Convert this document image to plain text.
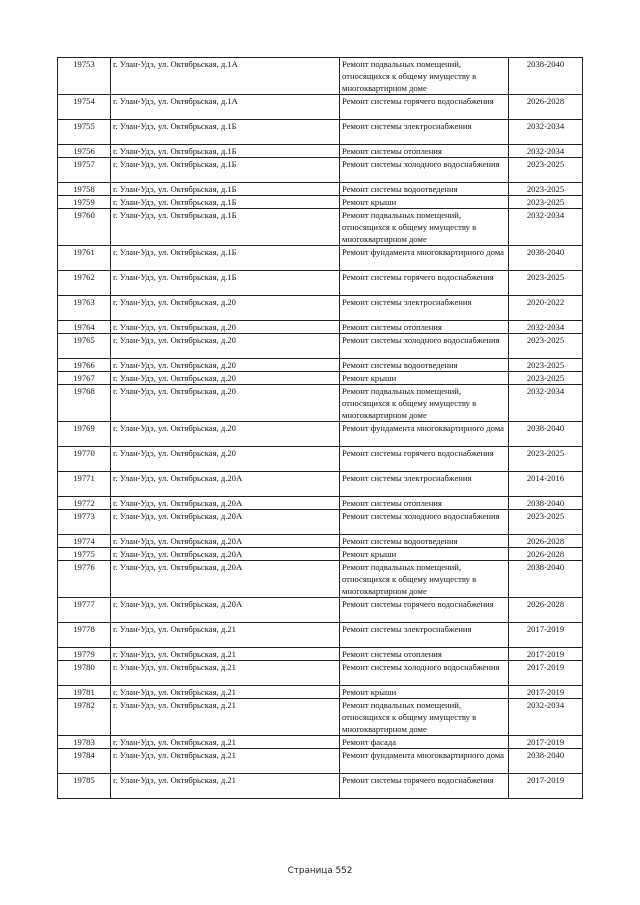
19753	г. Улан-Удэ, ул. Октябрьская, д.1А	Ремонт подвальных помещений, относящихся к общему имуществу в многоквартирном доме	2038-2040
19754	г. Улан-Удэ, ул. Октябрьская, д.1А	Ремонт системы горячего водоснабжения	2026-2028
19755	г. Улан-Удэ, ул. Октябрьская, д.1Б	Ремонт системы электроснабжения	2032-2034
19756	г. Улан-Удэ, ул. Октябрьская, д.1Б	Ремонт системы отопления	2032-2034
19757	г. Улан-Удэ, ул. Октябрьская, д.1Б	Ремонт системы холодного водоснабжения	2023-2025
19758	г. Улан-Удэ, ул. Октябрьская, д.1Б	Ремонт системы водоотведения	2023-2025
19759	г. Улан-Удэ, ул. Октябрьская, д.1Б	Ремонт крыши	2023-2025
19760	г. Улан-Удэ, ул. Октябрьская, д.1Б	Ремонт подвальных помещений, относящихся к общему имуществу в многоквартирном доме	2032-2034
19761	г. Улан-Удэ, ул. Октябрьская, д.1Б	Ремонт фундамента многоквартирного дома	2038-2040
19762	г. Улан-Удэ, ул. Октябрьская, д.1Б	Ремонт системы горячего водоснабжения	2023-2025
19763	г. Улан-Удэ, ул. Октябрьская, д.20	Ремонт системы электроснабжения	2020-2022
19764	г. Улан-Удэ, ул. Октябрьская, д.20	Ремонт системы отопления	2032-2034
19765	г. Улан-Удэ, ул. Октябрьская, д.20	Ремонт системы холодного водоснабжения	2023-2025
19766	г. Улан-Удэ, ул. Октябрьская, д.20	Ремонт системы водоотведения	2023-2025
19767	г. Улан-Удэ, ул. Октябрьская, д.20	Ремонт крыши	2023-2025
19768	г. Улан-Удэ, ул. Октябрьская, д.20	Ремонт подвальных помещений, относящихся к общему имуществу в многоквартирном доме	2032-2034
19769	г. Улан-Удэ, ул. Октябрьская, д.20	Ремонт фундамента многоквартирного дома	2038-2040
19770	г. Улан-Удэ, ул. Октябрьская, д.20	Ремонт системы горячего водоснабжения	2023-2025
19771	г. Улан-Удэ, ул. Октябрьская, д.20А	Ремонт системы электроснабжения	2014-2016
19772	г. Улан-Удэ, ул. Октябрьская, д.20А	Ремонт системы отопления	2038-2040
19773	г. Улан-Удэ, ул. Октябрьская, д.20А	Ремонт системы холодного водоснабжения	2023-2025
19774	г. Улан-Удэ, ул. Октябрьская, д.20А	Ремонт системы водоотведения	2026-2028
19775	г. Улан-Удэ, ул. Октябрьская, д.20А	Ремонт крыши	2026-2028
19776	г. Улан-Удэ, ул. Октябрьская, д.20А	Ремонт подвальных помещений, относящихся к общему имуществу в многоквартирном доме	2038-2040
19777	г. Улан-Удэ, ул. Октябрьская, д.20А	Ремонт системы горячего водоснабжения	2026-2028
19778	г. Улан-Удэ, ул. Октябрьская, д.21	Ремонт системы электроснабжения	2017-2019
19779	г. Улан-Удэ, ул. Октябрьская, д.21	Ремонт системы отопления	2017-2019
19780	г. Улан-Удэ, ул. Октябрьская, д.21	Ремонт системы холодного водоснабжения	2017-2019
19781	г. Улан-Удэ, ул. Октябрьская, д.21	Ремонт крыши	2017-2019
19782	г. Улан-Удэ, ул. Октябрьская, д.21	Ремонт подвальных помещений, относящихся к общему имуществу в многоквартирном доме	2032-2034
19783	г. Улан-Удэ, ул. Октябрьская, д.21	Ремонт фасада	2017-2019
19784	г. Улан-Удэ, ул. Октябрьская, д.21	Ремонт фундамента многоквартирного дома	2038-2040
19785	г. Улан-Удэ, ул. Октябрьская, д.21	Ремонт системы горячего водоснабжения	2017-2019
Страница 552
